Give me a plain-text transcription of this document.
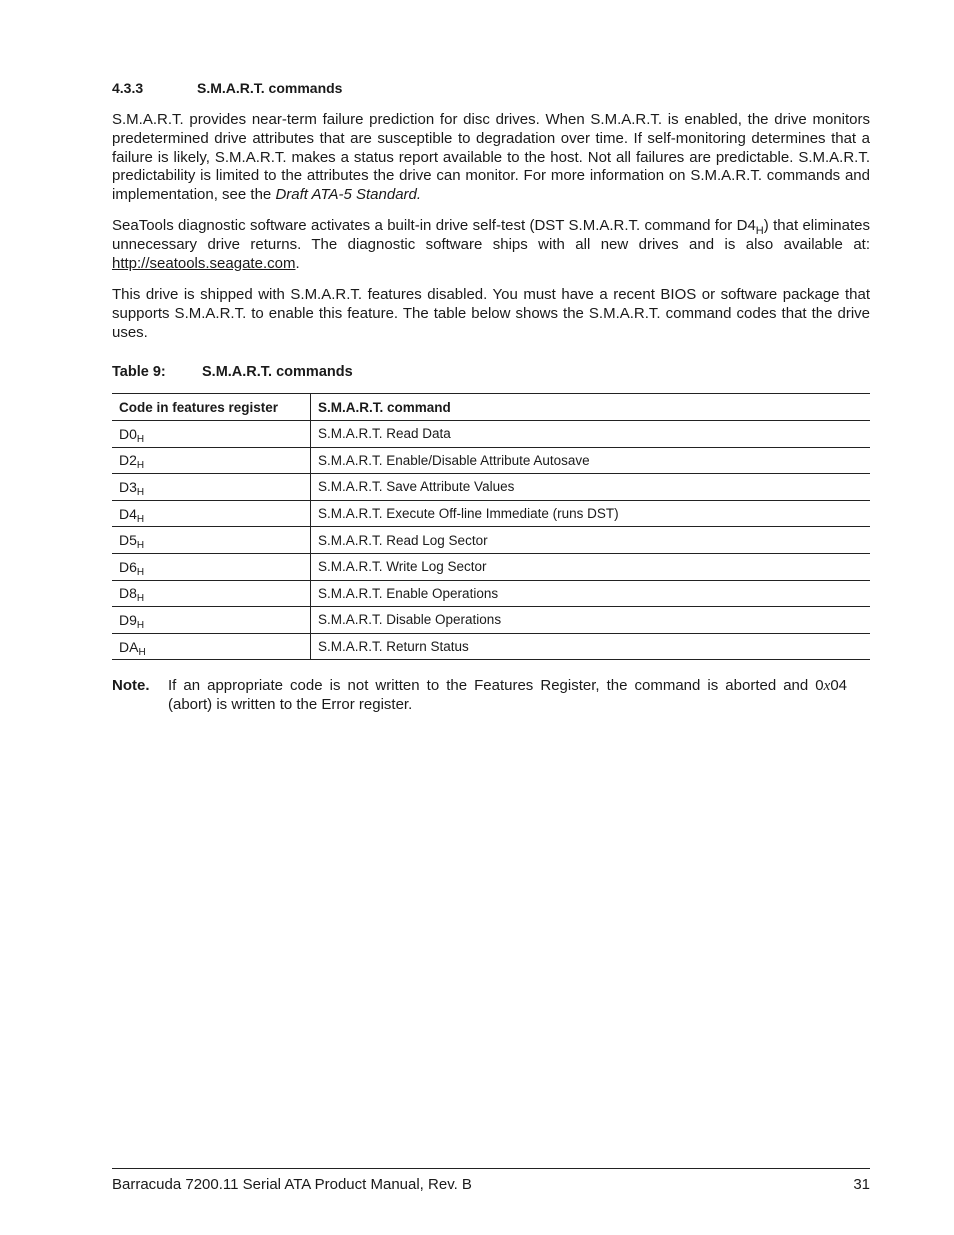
4.3.3	S.M.A.R.T. commands

S.M.A.R.T. provides near-term failure prediction for disc drives. When S.M.A.R.T. is enabled, the drive monitors predetermined drive attributes that are susceptible to degradation over time. If self-monitoring determines that a failure is likely, S.M.A.R.T. makes a status report available to the host. Not all failures are predictable. S.M.A.R.T. predictability is limited to the attributes the drive can monitor. For more information on S.M.A.R.T. commands and implementation, see the Draft ATA-5 Standard.

SeaTools diagnostic software activates a built-in drive self-test (DST S.M.A.R.T. command for $D4_H$) that eliminates unnecessary drive returns. The diagnostic software ships with all new drives and is also available at: http://seatools.seagate.com.

This drive is shipped with S.M.A.R.T. features disabled. You must have a recent BIOS or software package that supports S.M.A.R.T. to enable this feature. The table below shows the S.M.A.R.T. command codes that the drive uses.

Table 9:	S.M.A.R.T. commands
Code in features register	S.M.A.R.T. command
$D0_H$	S.M.A.R.T. Read Data
$D2_H$	S.M.A.R.T. Enable/Disable Attribute Autosave
$D3_H$	S.M.A.R.T. Save Attribute Values
$D4_H$	S.M.A.R.T. Execute Off-line Immediate (runs DST)
$D5_H$	S.M.A.R.T. Read Log Sector
$D6_H$	S.M.A.R.T. Write Log Sector
$D8_H$	S.M.A.R.T. Enable Operations
$D9_H$	S.M.A.R.T. Disable Operations
$DA_H$	S.M.A.R.T. Return Status
Note. If an appropriate code is not written to the Features Register, the command is aborted and 0x04 (abort) is written to the Error register.
Barracuda 7200.11 Serial ATA Product Manual, Rev. B	31
